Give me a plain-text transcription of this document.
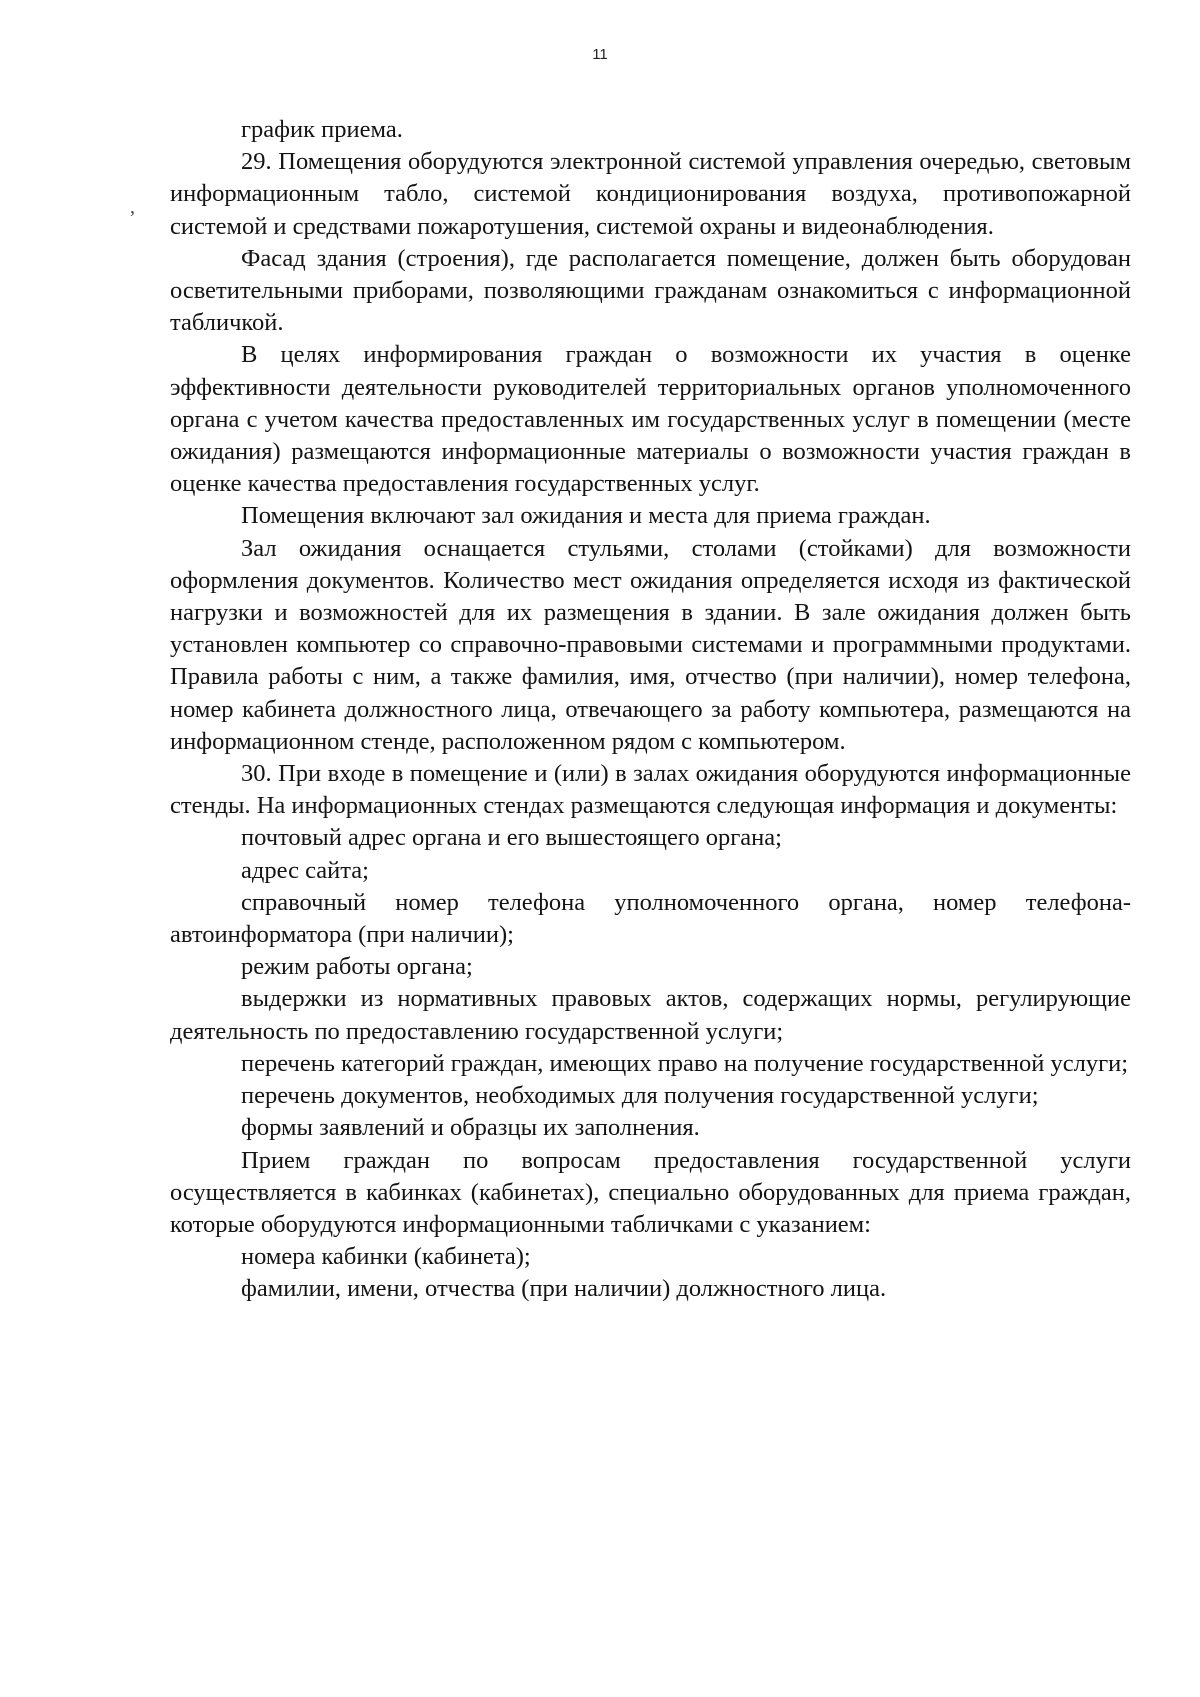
11
,

график приема.

29. Помещения оборудуются электронной системой управления очередью, световым информационным табло, системой кондиционирования воздуха, противопожарной системой и средствами пожаротушения, системой охраны и видеонаблюдения.

Фасад здания (строения), где располагается помещение, должен быть оборудован осветительными приборами, позволяющими гражданам ознакомиться с информационной табличкой.

В целях информирования граждан о возможности их участия в оценке эффективности деятельности руководителей территориальных органов уполномоченного органа с учетом качества предоставленных им государственных услуг в помещении (месте ожидания) размещаются информационные материалы о возможности участия граждан в оценке качества предоставления государственных услуг.

Помещения включают зал ожидания и места для приема граждан.

Зал ожидания оснащается стульями, столами (стойками) для возможности оформления документов. Количество мест ожидания определяется исходя из фактической нагрузки и возможностей для их размещения в здании. В зале ожидания должен быть установлен компьютер со справочно-правовыми системами и программными продуктами. Правила работы с ним, а также фамилия, имя, отчество (при наличии), номер телефона, номер кабинета должностного лица, отвечающего за работу компьютера, размещаются на информационном стенде, расположенном рядом с компьютером.

30. При входе в помещение и (или) в залах ожидания оборудуются информационные стенды. На информационных стендах размещаются следующая информация и документы:

почтовый адрес органа и его вышестоящего органа;

адрес сайта;

справочный номер телефона уполномоченного органа, номер телефона-автоинформатора (при наличии);

режим работы органа;

выдержки из нормативных правовых актов, содержащих нормы, регулирующие деятельность по предоставлению государственной услуги;

перечень категорий граждан, имеющих право на получение государственной услуги;

перечень документов, необходимых для получения государственной услуги;

формы заявлений и образцы их заполнения.

Прием граждан по вопросам предоставления государственной услуги осуществляется в кабинках (кабинетах), специально оборудованных для приема граждан, которые оборудуются информационными табличками с указанием:

номера кабинки (кабинета);

фамилии, имени, отчества (при наличии) должностного лица.
